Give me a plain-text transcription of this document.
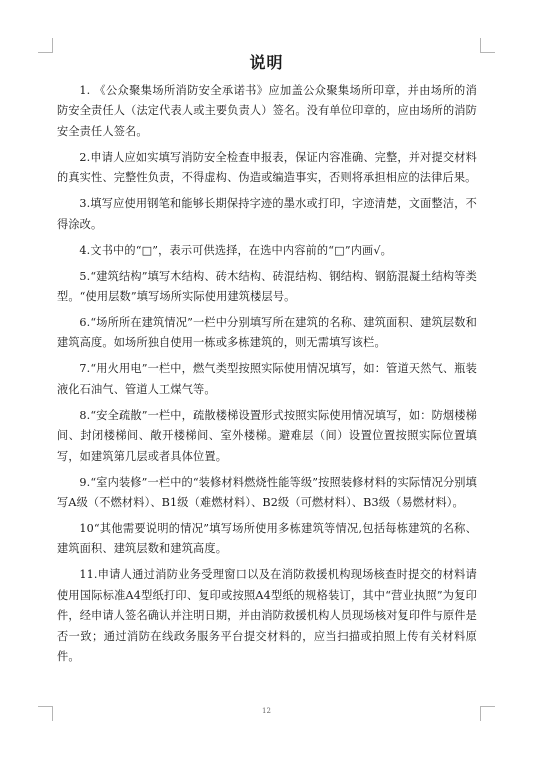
说明

1. 《公众聚集场所消防安全承诺书》应加盖公众聚集场所印章，并由场所的消防安全责任人（法定代表人或主要负责人）签名。没有单位印章的，应由场所的消防安全责任人签名。

2.申请人应如实填写消防安全检查申报表，保证内容准确、完整，并对提交材料的真实性、完整性负责，不得虚构、伪造或编造事实，否则将承担相应的法律后果。

3.填写应使用钢笔和能够长期保持字迹的墨水或打印，字迹清楚，文面整洁，不得涂改。

4.文书中的“□”，表示可供选择，在选中内容前的“□”内画√。

5.“建筑结构”填写木结构、砖木结构、砖混结构、钢结构、钢筋混凝土结构等类型。“使用层数”填写场所实际使用建筑楼层号。

6.“场所所在建筑情况”一栏中分别填写所在建筑的名称、建筑面积、建筑层数和建筑高度。如场所独自使用一栋或多栋建筑的，则无需填写该栏。

7.“用火用电”一栏中，燃气类型按照实际使用情况填写，如：管道天然气、瓶装液化石油气、管道人工煤气等。

8.“安全疏散”一栏中，疏散楼梯设置形式按照实际使用情况填写，如：防烟楼梯间、封闭楼梯间、敞开楼梯间、室外楼梯。避难层（间）设置位置按照实际位置填写，如建筑第几层或者具体位置。

9.“室内装修”一栏中的“装修材料燃烧性能等级”按照装修材料的实际情况分别填写A级（不燃材料）、B1级（难燃材料）、B2级（可燃材料）、B3级（易燃材料）。

10“其他需要说明的情况”填写场所使用多栋建筑等情况,包括每栋建筑的名称、建筑面积、建筑层数和建筑高度。

11.申请人通过消防业务受理窗口以及在消防救援机构现场核查时提交的材料请使用国际标准A4型纸打印、复印或按照A4型纸的规格装订，其中“营业执照”为复印件，经申请人签名确认并注明日期，并由消防救援机构人员现场核对复印件与原件是否一致；通过消防在线政务服务平台提交材料的，应当扫描或拍照上传有关材料原件。

12
